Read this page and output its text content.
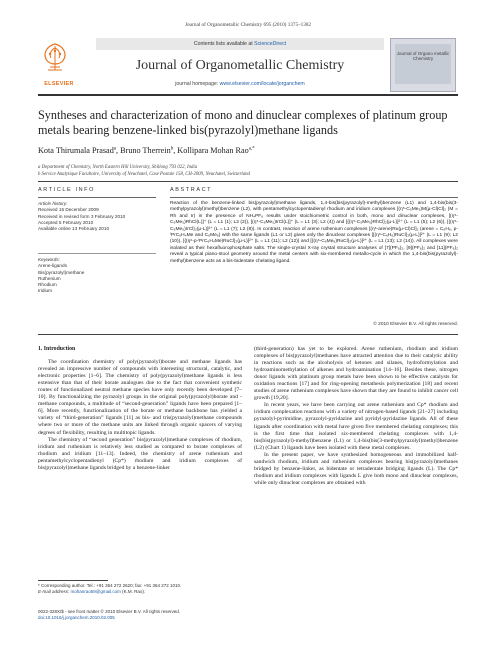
Journal of Organometallic Chemistry 695 (2010) 1375–1382
ELSEVIER
Contents lists available at ScienceDirect
Journal of Organometallic Chemistry
journal homepage: www.elsevier.com/locate/jorganchem
Journal of Organo metallic Chemistry
Syntheses and characterization of mono and dinuclear complexes of platinum group metals bearing benzene-linked bis(pyrazolyl)methane ligands
Kota Thirumala Prasad$^a$, Bruno Therrein$^b$, Kollipara Mohan Rao$^{a,*}$
a Department of Chemistry, North Eastern Hill University, Shillong 793 022, India
b Service Analytique Facultaire, University of Neuchatel, Case Postale 158, CH-2009, Neuchatel, Switzerland
ARTICLE INFO	ABSTRACT
Article history:
Received 15 December 2009
Received in revised form 3 February 2010
Accepted 5 February 2010
Available online 13 February 2010
Keywords:
Arene-ligands
Bis(pyrazolyl)methane
Ruthenium
Rhodium
Iridium
Reaction of the benzene-linked bis(pyrazolyl)methane ligands, 1,4-bis(bis(pyrazolyl)-methyl)benzene (L1) and 1,4-bis(bis(3-methylpyrazolyl)methyl)benzene (L2), with pentamethylcyclopentadienyl rhodium and iridium complexes [(η⁵-C₅Me₅)M(μ-Cl)Cl]₂ (M = Rh and Ir) in the presence of NH₄PF₆ results under stoichiometric control in both, mono and dinuclear complexes, [(η⁵-C₅Me₅)RhCl(L)]⁺ (L = L1 (1); L2 (2)), [(η⁵-C₅Me₅)IrCl(L)]⁺ (L = L1 (3); L2 (4)) and [{(η⁵-C₅Me₅)RhCl}₂(μ-L)]²⁺ (L = L1 (5); L2 (6)), [{(η⁵-C₅Me₅)IrCl}₂(μ-L)]²⁺ (L = L1 (7); L2 (8)). In contrast, reaction of arene ruthenium complexes [(η⁶-arene)Ru(μ-Cl)Cl]₂ (arene = C₆H₆, p-ⁱPrC₆H₄Me and C₆Me₆) with the same ligands (L1 or L2) gives only the dinuclear complexes [{(η⁶-C₆H₆)RuCl}₂(μ-L)]²⁺ (L = L1 (9); L2 (10)), [{(η⁶-p-ⁱPrC₆H₄Me)RuCl}₂(μ-L)]²⁺ (L = L1 (11); L2 (12)) and [{(η⁶-C₆Me₆)RuCl}₂(μ-L)]²⁺ (L = L1 (13); L2 (14)). All complexes were isolated as their hexafluorophosphate salts. The single-crystal X-ray crystal structure analyses of [7](PF₆)₂, [9](PF₆)₂ and [11](PF₆)₂ reveal a typical piano-stool geometry around the metal centers with six-membered metallo-cycle in which the 1,4-bis(bis(pyrazolyl)-methyl)benzene acts as a bis-bidentate chelating ligand.
© 2010 Elsevier B.V. All rights reserved.
1. Introduction

The coordination chemistry of poly(pyrazolyl)borate and methane ligands has revealed an impressive number of compounds with interesting structural, catalytic, and electronic properties [1–6]. The chemistry of poly(pyrazolyl)methane ligands is less extensive than that of their borate analogues due to the fact that convenient synthetic routes of functionalized neutral methane species have only recently been developed [7–10]. By functionalizing the pyrazolyl groups in the original poly(pyrazolyl)borate and -methane compounds, a multitude of “second-generation” ligands have been prepared [1–6]. More recently, functionalization of the borate or methane backbone has yielded a variety of “third-generation” ligands [11] as bis- and tris(pyrazolyl)methane compounds where two or more of the methane units are linked through organic spacers of varying degrees of flexibility, resulting in multitopic ligands.

The chemistry of “second generation” bis(pyrazolyl)methane complexes of rhodium, iridium and ruthenium is relatively less studied as compared to borate complexes of rhodium and iridium [11–13]. Indeed, the chemistry of arene ruthenium and pentamethylcyclopentadienyl (Cp*) rhodium and iridium complexes of bis(pyrazolyl)methane ligands bridged by a benzene-linker

(third-generation) has yet to be explored. Arene ruthenium, rhodium and iridium complexes of bis(pyrazolyl)methanes have attracted attention due to their catalytic ability in reactions such as the alcoholysis of ketones and silanes, hydroformylation and hydroaminomethylation of alkenes and hydroamination [14–16]. Besides these, nitrogen donor ligands with platinum group metals have been shown to be effective catalysts for oxidation reactions [17] and for ring-opening metathesis polymerization [18] and recent studies of arene ruthenium complexes have shown that they are found to inhibit cancer cell growth [19,20].

In recent years, we have been carrying out arene ruthenium and Cp* rhodium and iridium complexation reactions with a variety of nitrogen-based ligands [21–27] including pyrazolyl-pyrimidine, pyrazolyl-pyridazine and pyridyl-pyridazine ligands. All of these ligands after coordination with metal have given five membered chelating complexes; this is the first time that isolated six-membered chelating complexes with 1,4-bis(bis(pyrazolyl)-methyl)benzene (L1) or 1,4-bis(bis(3-methylpyrazolyl)methyl)benzene (L2) (Chart 1) ligands have been isolated with these metal complexes.

In the present paper, we have synthesized homogeneous and immobilized half-sandwich rhodium, iridium and ruthenium complexes bearing bis(pyrazolyl)methanes bridged by benzene-linker, as bidentate or tetradentate bridging ligands (L). The Cp* rhodium and iridium complexes with ligands L give both mono and dinuclear complexes, while only dinuclear complexes are obtained with

* Corresponding author. Tel.: +91 364 272 2620; fax: +91 364 272 1010.
E-mail address: mohanrao59@gmail.com (K.M. Rao).
0022-328X/$ - see front matter © 2010 Elsevier B.V. All rights reserved.
doi:10.1016/j.jorganchem.2010.02.005
